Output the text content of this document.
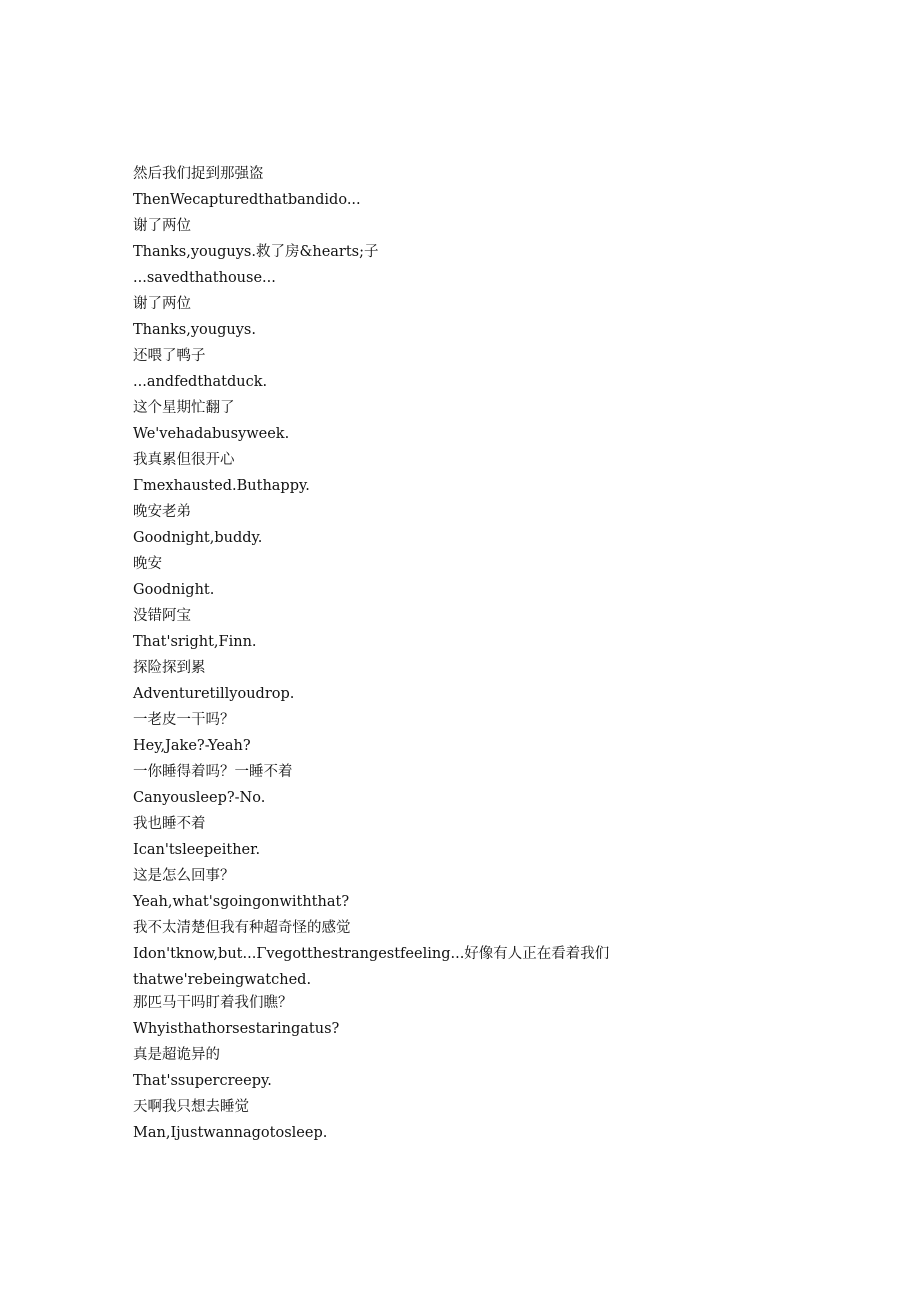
然后我们捉到那强盗
ThenWecapturedthatbandido...
谢了两位
Thanks,youguys.救了房&hearts;子
...savedthathouse...
谢了两位
Thanks,youguys.
还喂了鸭子
...andfedthatduck.
这个星期忙翻了
We'vehadabusyweek.
我真累但很开心
Γmexhausted.Buthappy.
晚安老弟
Goodnight,buddy.
晚安
Goodnight.
没错阿宝
That'sright,Finn.
探险探到累
Adventuretillyoudrop.
一老皮一干吗？
Hey,Jake?-Yeah?
一你睡得着吗？一睡不着
Canyousleep?-No.
我也睡不着
Ican'tsleepeither.
这是怎么回事？
Yeah,what'sgoingonwiththat?
我不太清楚但我有种超奇怪的感觉
Idon'tknow,but...Γvegotthestrangestfeeling...好像有人正在看着我们
thatwe'rebeingwatched.
那匹马干吗盯着我们瞧？
Whyisthathorsestaringatus?
真是超诡异的
That'ssupercreepy.
天啊我只想去睡觉
Man,Ijustwannagotosleep.
